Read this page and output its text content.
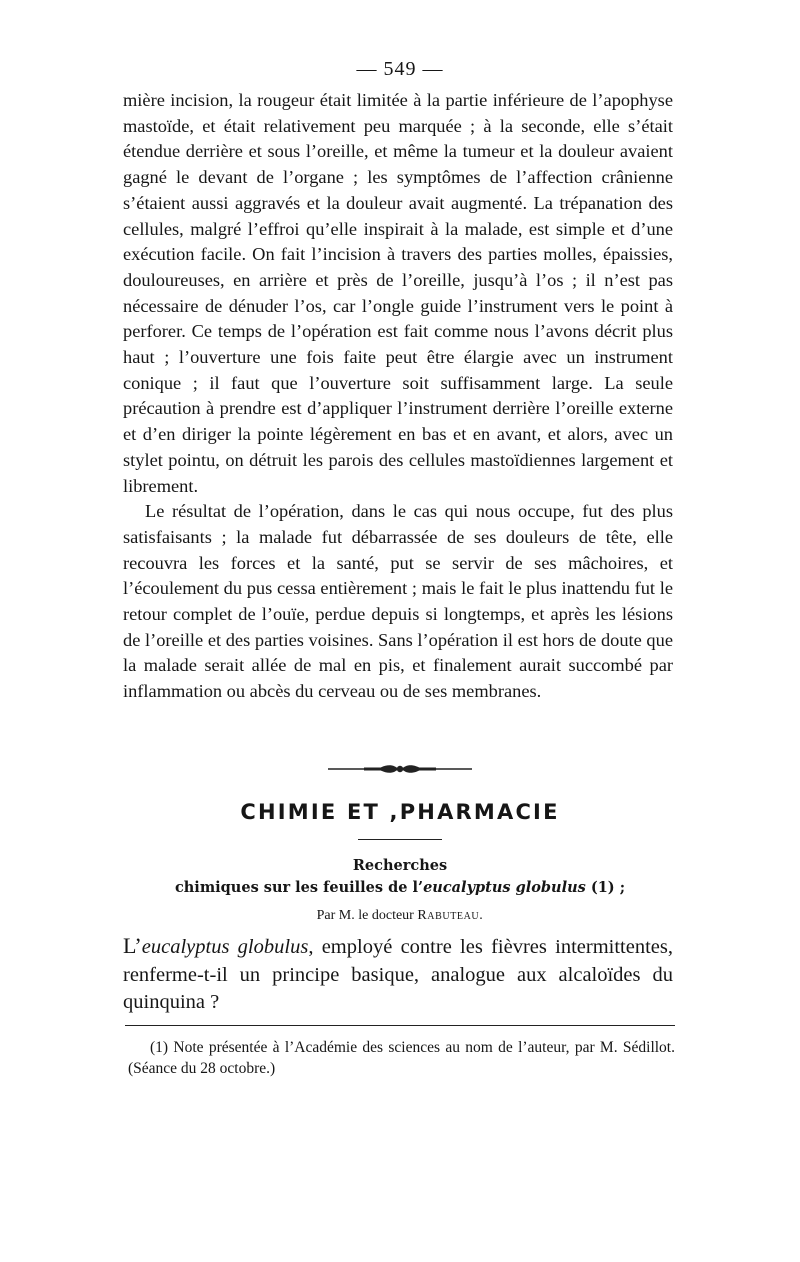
— 549 —

mière incision, la rougeur était limitée à la partie inférieure de l’apophyse mastoïde, et était relativement peu marquée ; à la seconde, elle s’était étendue derrière et sous l’oreille, et même la tumeur et la douleur avaient gagné le devant de l’organe ; les symptômes de l’affection crânienne s’étaient aussi aggravés et la douleur avait augmenté. La trépanation des cellules, malgré l’effroi qu’elle inspirait à la malade, est simple et d’une exécution facile. On fait l’incision à travers des parties molles, épaissies, douloureuses, en arrière et près de l’oreille, jusqu’à l’os ; il n’est pas nécessaire de dénuder l’os, car l’ongle guide l’instrument vers le point à perforer. Ce temps de l’opération est fait comme nous l’avons décrit plus haut ; l’ouverture une fois faite peut être élargie avec un instrument conique ; il faut que l’ouverture soit suffisamment large. La seule précaution à prendre est d’appliquer l’instrument derrière l’oreille externe et d’en diriger la pointe légèrement en bas et en avant, et alors, avec un stylet pointu, on détruit les parois des cellules mastoïdiennes largement et librement.

Le résultat de l’opération, dans le cas qui nous occupe, fut des plus satisfaisants ; la malade fut débarrassée de ses douleurs de tête, elle recouvra les forces et la santé, put se servir de ses mâchoires, et l’écoulement du pus cessa entièrement ; mais le fait le plus inattendu fut le retour complet de l’ouïe, perdue depuis si longtemps, et après les lésions de l’oreille et des parties voisines. Sans l’opération il est hors de doute que la malade serait allée de mal en pis, et finalement aurait succombé par inflammation ou abcès du cerveau ou de ses membranes.

CHIMIE ET ,PHARMACIE
Recherches
chimiques sur les feuilles de l’eucalyptus globulus (1) ;
Par M. le docteur Rabuteau.

L’eucalyptus globulus, employé contre les fièvres intermittentes, renferme-t-il un principe basique, analogue aux alcaloïdes du quinquina ?

(1) Note présentée à l’Académie des sciences au nom de l’auteur, par M. Sédillot. (Séance du 28 octobre.)
